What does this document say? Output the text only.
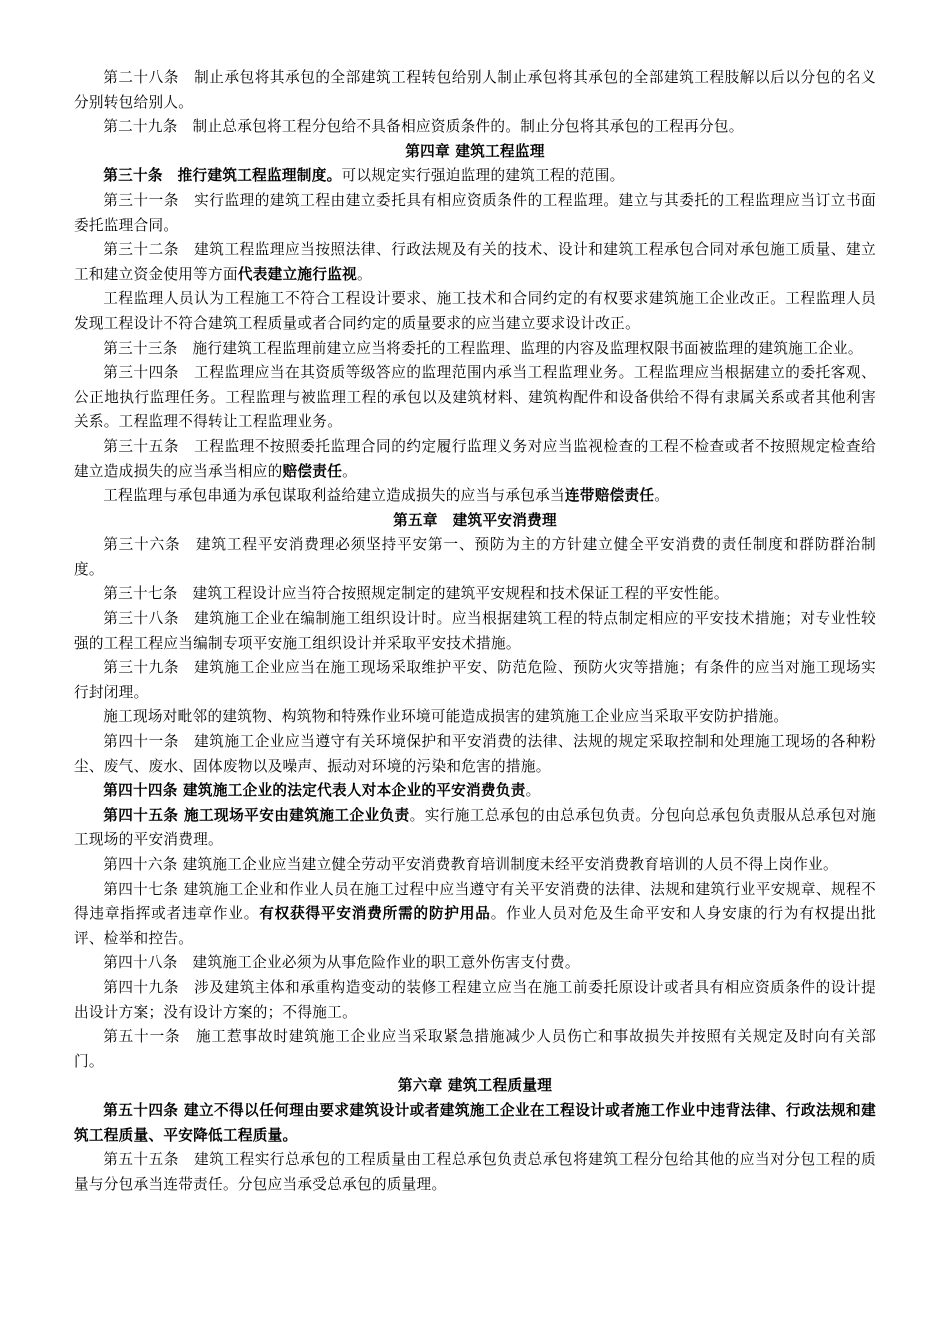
第二十八条　制止承包将其承包的全部建筑工程转包给别人制止承包将其承包的全部建筑工程肢解以后以分包的名义分别转包给别人。

第二十九条　制止总承包将工程分包给不具备相应资质条件的。制止分包将其承包的工程再分包。

第四章 建筑工程监理

第三十条　推行建筑工程监理制度。可以规定实行强迫监理的建筑工程的范围。

第三十一条　实行监理的建筑工程由建立委托具有相应资质条件的工程监理。建立与其委托的工程监理应当订立书面委托监理合同。

第三十二条　建筑工程监理应当按照法律、行政法规及有关的技术、设计和建筑工程承包合同对承包施工质量、建立工和建立资金使用等方面代表建立施行监视。

工程监理人员认为工程施工不符合工程设计要求、施工技术和合同约定的有权要求建筑施工企业改正。工程监理人员发现工程设计不符合建筑工程质量或者合同约定的质量要求的应当建立要求设计改正。

第三十三条　施行建筑工程监理前建立应当将委托的工程监理、监理的内容及监理权限书面被监理的建筑施工企业。

第三十四条　工程监理应当在其资质等级答应的监理范围内承当工程监理业务。工程监理应当根据建立的委托客观、公正地执行监理任务。工程监理与被监理工程的承包以及建筑材料、建筑构配件和设备供给不得有隶属关系或者其他利害关系。工程监理不得转让工程监理业务。

第三十五条　工程监理不按照委托监理合同的约定履行监理义务对应当监视检查的工程不检查或者不按照规定检查给建立造成损失的应当承当相应的赔偿责任。

工程监理与承包串通为承包谋取利益给建立造成损失的应当与承包承当连带赔偿责任。

第五章　建筑平安消费理

第三十六条　建筑工程平安消费理必须坚持平安第一、预防为主的方针建立健全平安消费的责任制度和群防群治制度。

第三十七条　建筑工程设计应当符合按照规定制定的建筑平安规程和技术保证工程的平安性能。

第三十八条　建筑施工企业在编制施工组织设计时。应当根据建筑工程的特点制定相应的平安技术措施；对专业性较强的工程工程应当编制专项平安施工组织设计并采取平安技术措施。

第三十九条　建筑施工企业应当在施工现场采取维护平安、防范危险、预防火灾等措施；有条件的应当对施工现场实行封闭理。

施工现场对毗邻的建筑物、构筑物和特殊作业环境可能造成损害的建筑施工企业应当采取平安防护措施。

第四十一条　建筑施工企业应当遵守有关环境保护和平安消费的法律、法规的规定采取控制和处理施工现场的各种粉尘、废气、废水、固体废物以及噪声、振动对环境的污染和危害的措施。

第四十四条 建筑施工企业的法定代表人对本企业的平安消费负责。

第四十五条 施工现场平安由建筑施工企业负责。实行施工总承包的由总承包负责。分包向总承包负责服从总承包对施工现场的平安消费理。

第四十六条 建筑施工企业应当建立健全劳动平安消费教育培训制度未经平安消费教育培训的人员不得上岗作业。

第四十七条 建筑施工企业和作业人员在施工过程中应当遵守有关平安消费的法律、法规和建筑行业平安规章、规程不得违章指挥或者违章作业。有权获得平安消费所需的防护用品。作业人员对危及生命平安和人身安康的行为有权提出批评、检举和控告。

第四十八条　建筑施工企业必须为从事危险作业的职工意外伤害支付费。

第四十九条　涉及建筑主体和承重构造变动的装修工程建立应当在施工前委托原设计或者具有相应资质条件的设计提出设计方案；没有设计方案的；不得施工。

第五十一条　施工惹事故时建筑施工企业应当采取紧急措施减少人员伤亡和事故损失并按照有关规定及时向有关部门。

第六章 建筑工程质量理

第五十四条 建立不得以任何理由要求建筑设计或者建筑施工企业在工程设计或者施工作业中违背法律、行政法规和建筑工程质量、平安降低工程质量。

第五十五条　建筑工程实行总承包的工程质量由工程总承包负责总承包将建筑工程分包给其他的应当对分包工程的质量与分包承当连带责任。分包应当承受总承包的质量理。
